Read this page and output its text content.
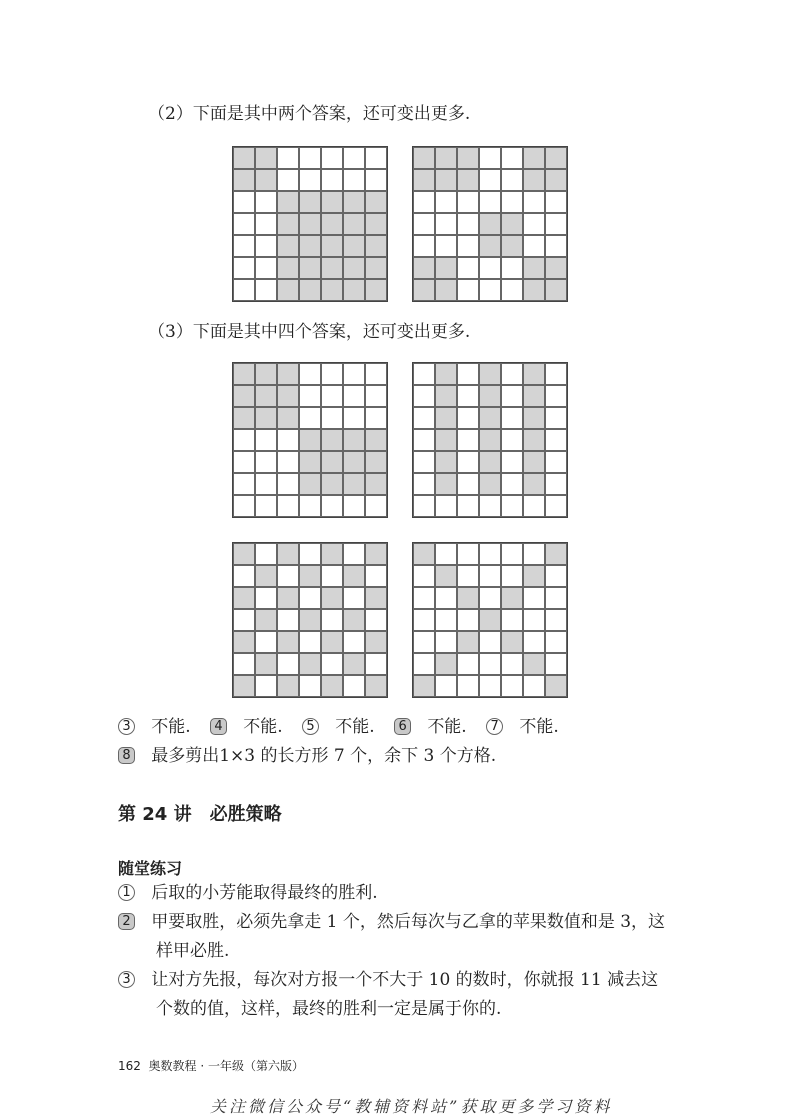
（2）下面是其中两个答案，还可变出更多.
（3）下面是其中四个答案，还可变出更多.
3 不能. 4 不能. 5 不能. 6 不能. 7 不能.
8 最多剪出1×3 的长方形 7 个，余下 3 个方格.
第 24 讲　必胜策略
随堂练习
1 后取的小芳能取得最终的胜利.
2 甲要取胜，必须先拿走 1 个，然后每次与乙拿的苹果数值和是 3，这
样甲必胜.
3 让对方先报，每次对方报一个不大于 10 的数时，你就报 11 减去这
个数的值，这样，最终的胜利一定是属于你的.
162 奥数教程 · 一年级（第六版）
关注微信公众号“教辅资料站”获取更多学习资料
